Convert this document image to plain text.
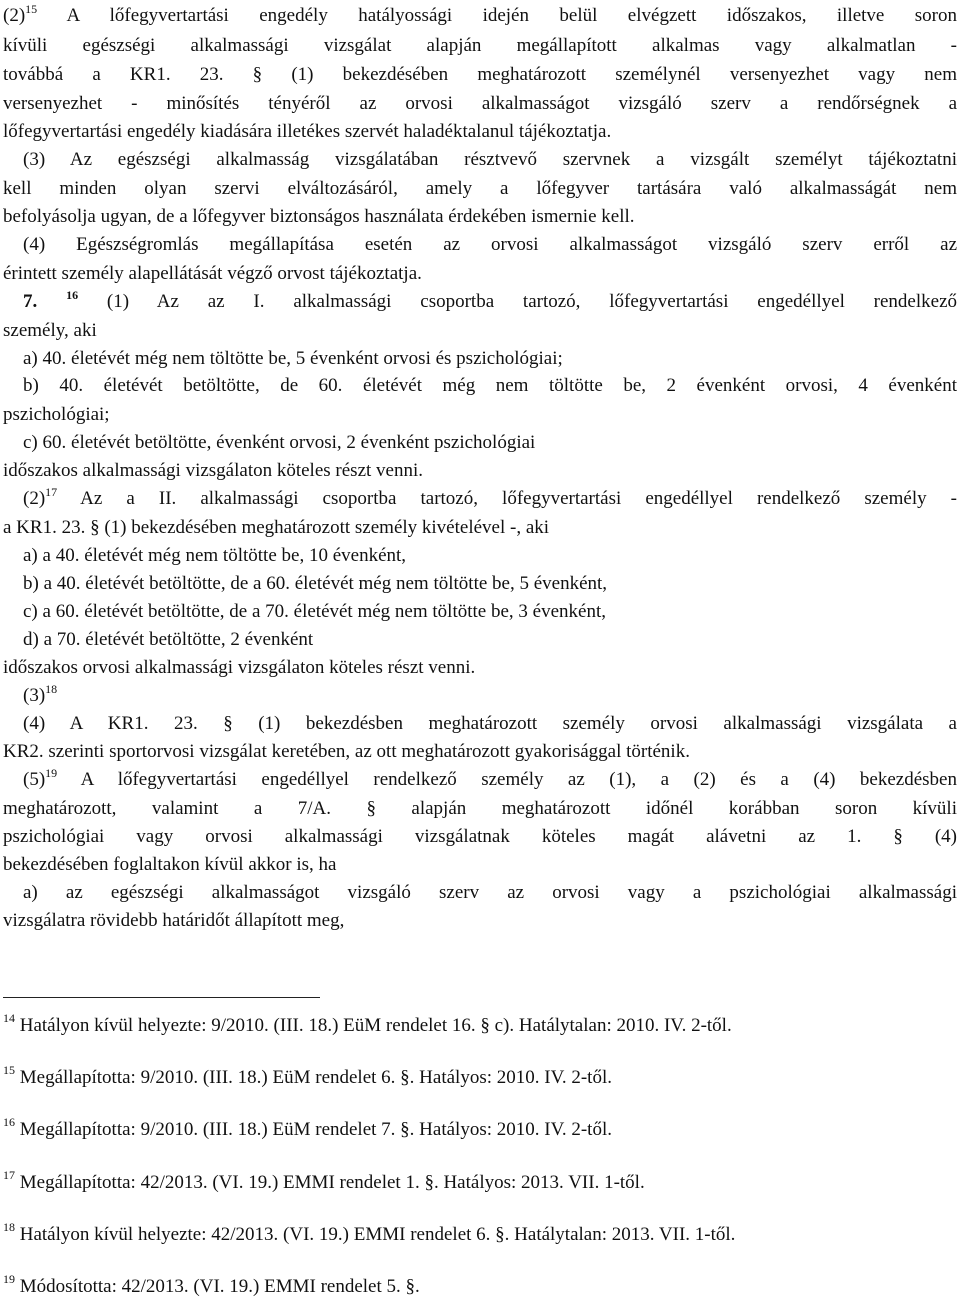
$(2)^{15}$ A lőfegyvertartási engedély hatályossági idején belül elvégzett időszakos, illetve soron
kívüli egészségi alkalmassági vizsgálat alapján megállapított alkalmas vagy alkalmatlan -
továbbá a KR1. 23. § (1) bekezdésében meghatározott személynél versenyezhet vagy nem
versenyezhet - minősítés tényéről az orvosi alkalmasságot vizsgáló szerv a rendőrségnek a
lőfegyvertartási engedély kiadására illetékes szervét haladéktalanul tájékoztatja.
(3) Az egészségi alkalmasság vizsgálatában résztvevő szervnek a vizsgált személyt tájékoztatni
kell minden olyan szervi elváltozásáról, amely a lőfegyver tartására való alkalmasságát nem
befolyásolja ugyan, de a lőfegyver biztonságos használata érdekében ismernie kell.
(4) Egészségromlás megállapítása esetén az orvosi alkalmasságot vizsgáló szerv erről az
érintett személy alapellátását végző orvost tájékoztatja.
7. $^{16}$ (1) Az az I. alkalmassági csoportba tartozó, lőfegyvertartási engedéllyel rendelkező
személy, aki
a) 40. életévét még nem töltötte be, 5 évenként orvosi és pszichológiai;
b) 40. életévét betöltötte, de 60. életévét még nem töltötte be, 2 évenként orvosi, 4 évenként
pszichológiai;
c) 60. életévét betöltötte, évenként orvosi, 2 évenként pszichológiai
időszakos alkalmassági vizsgálaton köteles részt venni.
$(2)^{17}$ Az a II. alkalmassági csoportba tartozó, lőfegyvertartási engedéllyel rendelkező személy -
a KR1. 23. § (1) bekezdésében meghatározott személy kivételével -, aki
a) a 40. életévét még nem töltötte be, 10 évenként,
b) a 40. életévét betöltötte, de a 60. életévét még nem töltötte be, 5 évenként,
c) a 60. életévét betöltötte, de a 70. életévét még nem töltötte be, 3 évenként,
d) a 70. életévét betöltötte, 2 évenként
időszakos orvosi alkalmassági vizsgálaton köteles részt venni.
$(3)^{18}$
(4) A KR1. 23. § (1) bekezdésben meghatározott személy orvosi alkalmassági vizsgálata a
KR2. szerinti sportorvosi vizsgálat keretében, az ott meghatározott gyakorisággal történik.
$(5)^{19}$ A lőfegyvertartási engedéllyel rendelkező személy az (1), a (2) és a (4) bekezdésben
meghatározott, valamint a 7/A. § alapján meghatározott időnél korábban soron kívüli
pszichológiai vagy orvosi alkalmassági vizsgálatnak köteles magát alávetni az 1. § (4)
bekezdésében foglaltakon kívül akkor is, ha
a) az egészségi alkalmasságot vizsgáló szerv az orvosi vagy a pszichológiai alkalmassági
vizsgálatra rövidebb határidőt állapított meg,
$^{14}$ Hatályon kívül helyezte: 9/2010. (III. 18.) EüM rendelet 16. § c). Hatálytalan: 2010. IV. 2-től.
$^{15}$ Megállapította: 9/2010. (III. 18.) EüM rendelet 6. §. Hatályos: 2010. IV. 2-től.
$^{16}$ Megállapította: 9/2010. (III. 18.) EüM rendelet 7. §. Hatályos: 2010. IV. 2-től.
$^{17}$ Megállapította: 42/2013. (VI. 19.) EMMI rendelet 1. §. Hatályos: 2013. VII. 1-től.
$^{18}$ Hatályon kívül helyezte: 42/2013. (VI. 19.) EMMI rendelet 6. §. Hatálytalan: 2013. VII. 1-től.
$^{19}$ Módosította: 42/2013. (VI. 19.) EMMI rendelet 5. §.
